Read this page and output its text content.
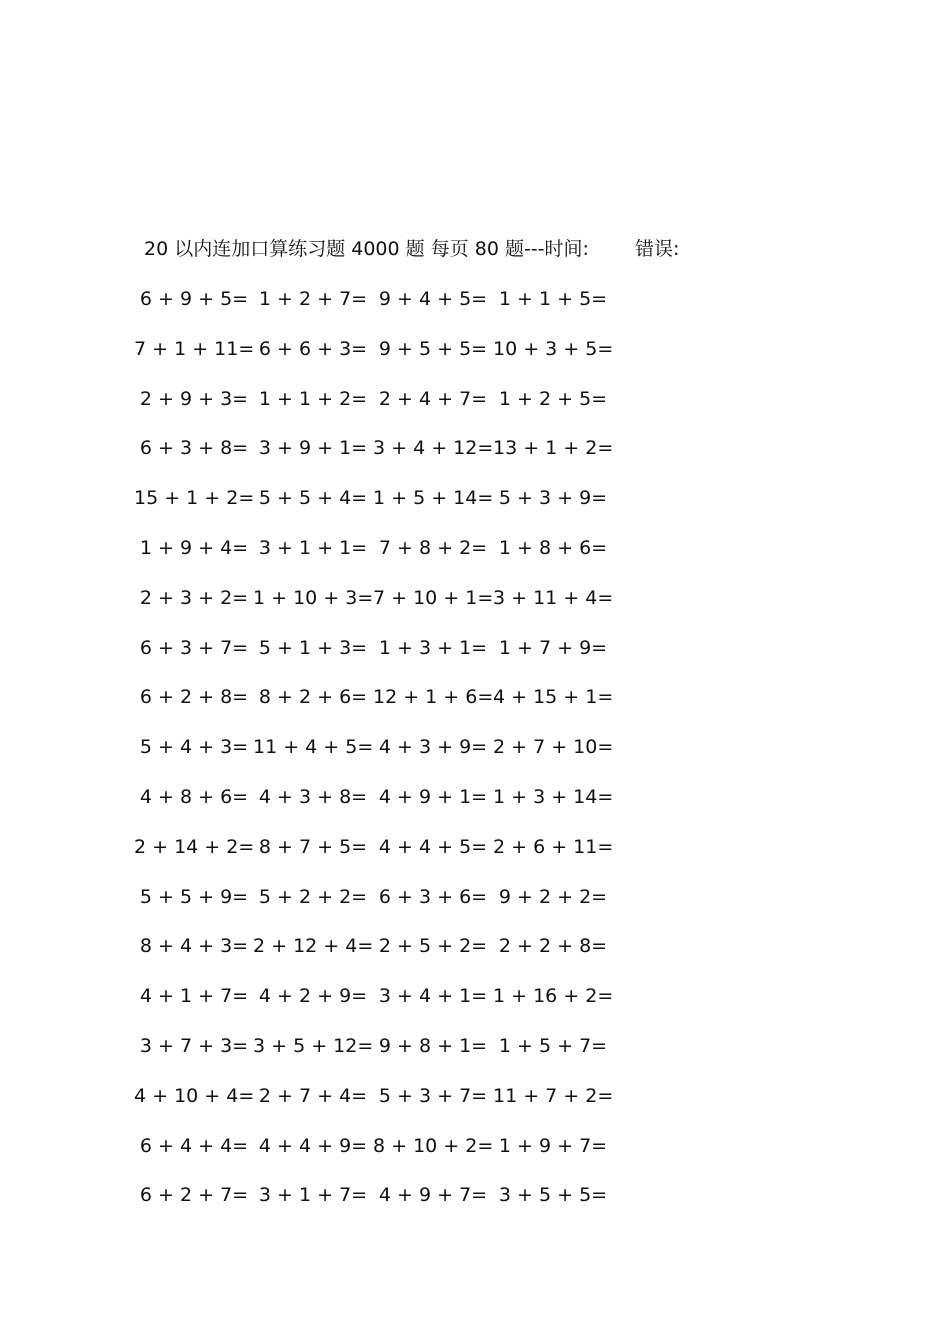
20 以内连加口算练习题 4000 题 每页 80 题---时间: 错误:
6 + 9 + 5= 1 + 2 + 7= 9 + 4 + 5= 1 + 1 + 5=
7 + 1 + 11= 6 + 6 + 3= 9 + 5 + 5= 10 + 3 + 5=
2 + 9 + 3= 1 + 1 + 2= 2 + 4 + 7= 1 + 2 + 5=
6 + 3 + 8= 3 + 9 + 1= 3 + 4 + 12= 13 + 1 + 2=
15 + 1 + 2= 5 + 5 + 4= 1 + 5 + 14= 5 + 3 + 9=
1 + 9 + 4= 3 + 1 + 1= 7 + 8 + 2= 1 + 8 + 6=
2 + 3 + 2= 1 + 10 + 3= 7 + 10 + 1= 3 + 11 + 4=
6 + 3 + 7= 5 + 1 + 3= 1 + 3 + 1= 1 + 7 + 9=
6 + 2 + 8= 8 + 2 + 6= 12 + 1 + 6= 4 + 15 + 1=
5 + 4 + 3= 11 + 4 + 5= 4 + 3 + 9= 2 + 7 + 10=
4 + 8 + 6= 4 + 3 + 8= 4 + 9 + 1= 1 + 3 + 14=
2 + 14 + 2= 8 + 7 + 5= 4 + 4 + 5= 2 + 6 + 11=
5 + 5 + 9= 5 + 2 + 2= 6 + 3 + 6= 9 + 2 + 2=
8 + 4 + 3= 2 + 12 + 4= 2 + 5 + 2= 2 + 2 + 8=
4 + 1 + 7= 4 + 2 + 9= 3 + 4 + 1= 1 + 16 + 2=
3 + 7 + 3= 3 + 5 + 12= 9 + 8 + 1= 1 + 5 + 7=
4 + 10 + 4= 2 + 7 + 4= 5 + 3 + 7= 11 + 7 + 2=
6 + 4 + 4= 4 + 4 + 9= 8 + 10 + 2= 1 + 9 + 7=
6 + 2 + 7= 3 + 1 + 7= 4 + 9 + 7= 3 + 5 + 5=
